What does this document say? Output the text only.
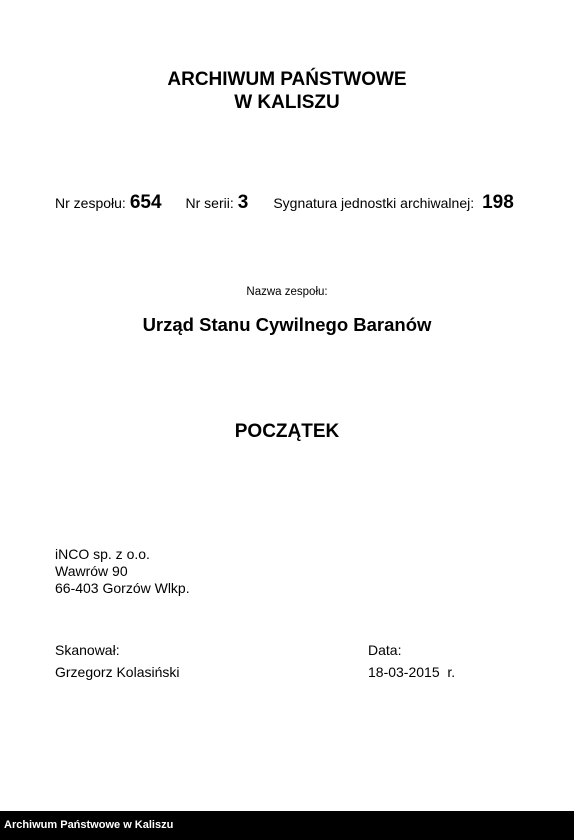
ARCHIWUM PAŃSTWOWE
W KALISZU
Nr zespołu: 654 Nr serii: 3 Sygnatura jednostki archiwalnej: 198
Nazwa zespołu:
Urząd Stanu Cywilnego Baranów
POCZĄTEK
iNCO sp. z o.o.
Wawrów 90
66-403 Gorzów Wlkp.
Skanował:
Grzegorz Kolasiński
Data:
18-03-2015  r.
Archiwum Państwowe w Kaliszu
